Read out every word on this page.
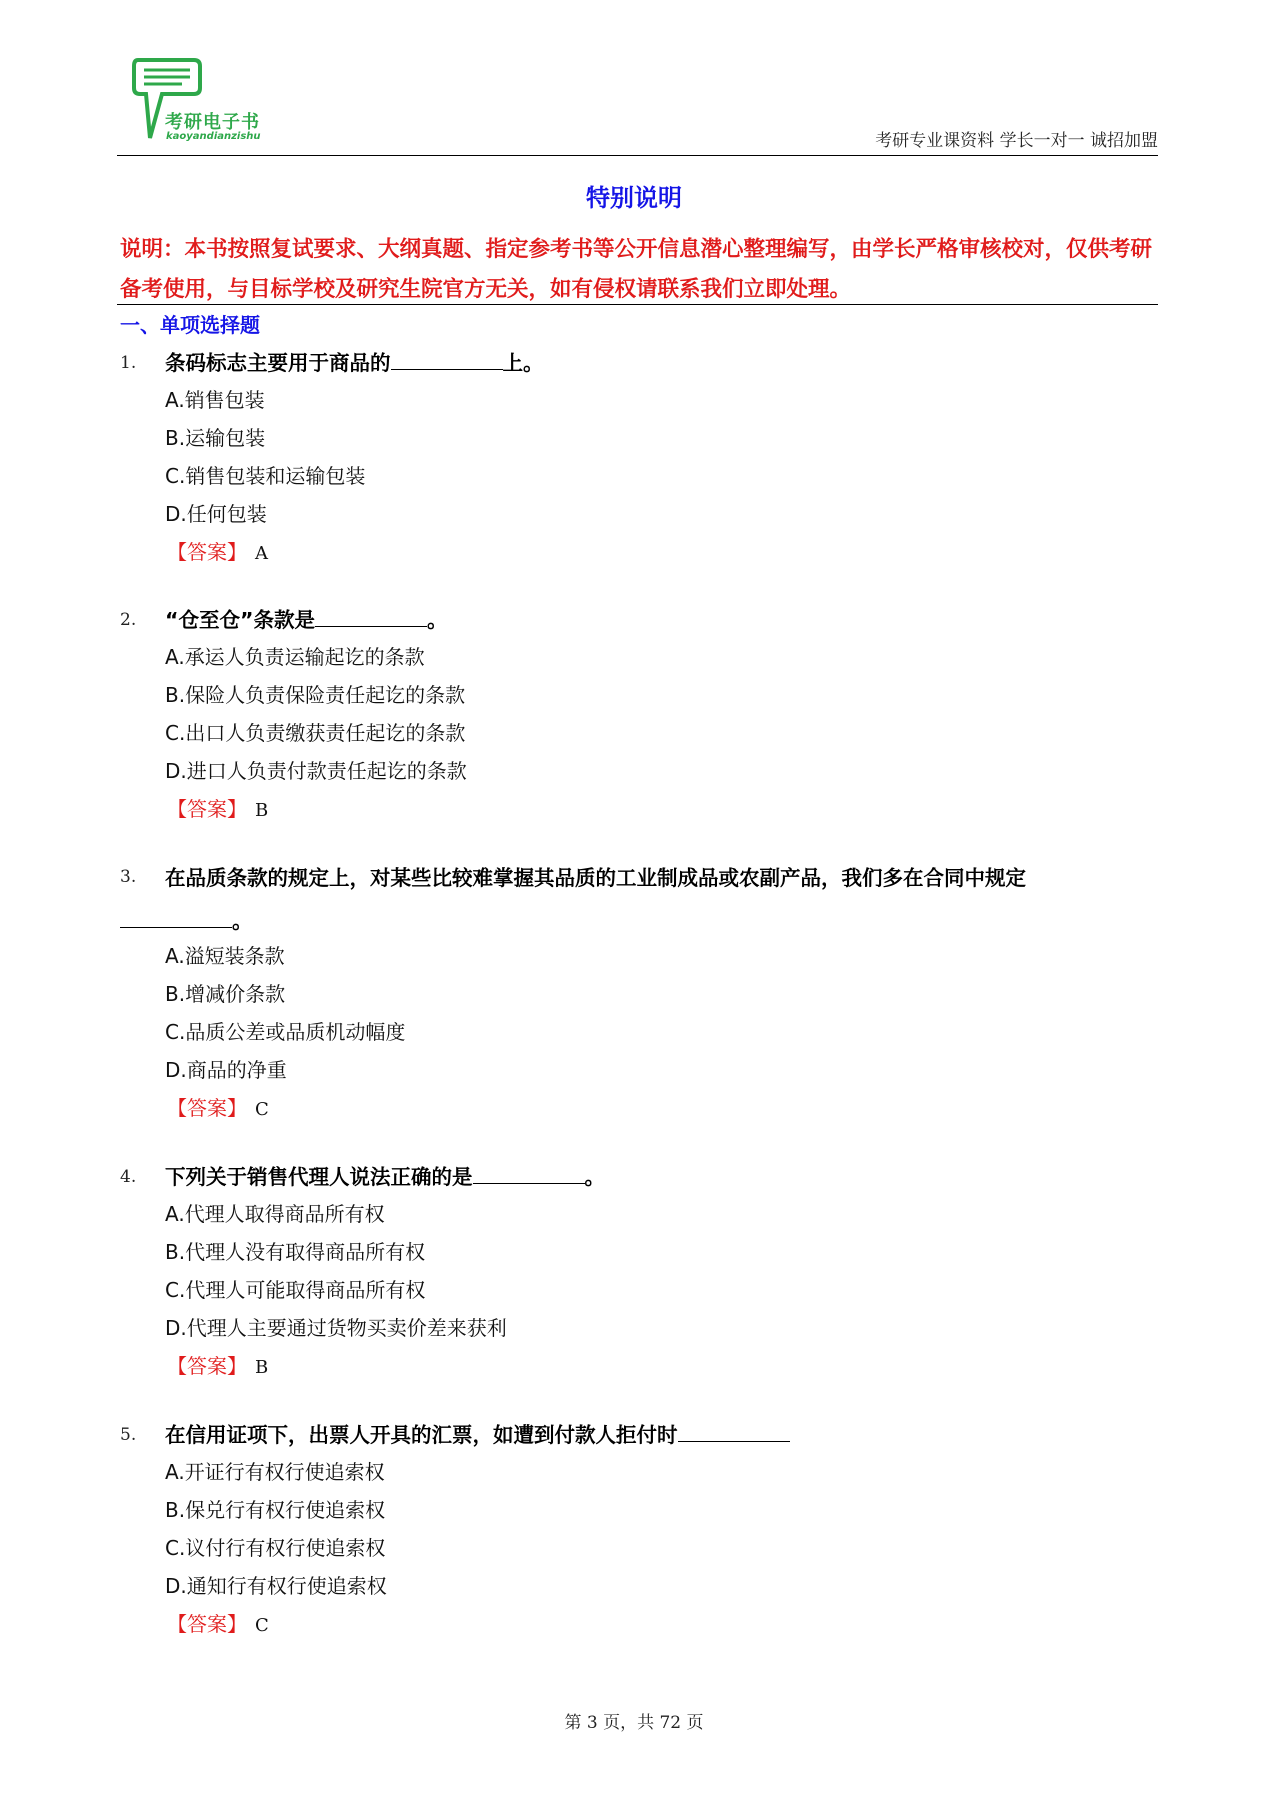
考研电子书
kaoyandianzishu	考研专业课资料 学长一对一 诚招加盟
特别说明
说明：本书按照复试要求、大纲真题、指定参考书等公开信息潜心整理编写，由学长严格审核校对，仅供考研备考使用，与目标学校及研究生院官方无关，如有侵权请联系我们立即处理。
一、单项选择题
1. 条码标志主要用于商品的	上。
A.销售包装
B.运输包装
C.销售包装和运输包装
D.任何包装
【答案】 A
2. “仓至仓”条款是	。
A.承运人负责运输起讫的条款
B.保险人负责保险责任起讫的条款
C.出口人负责缴获责任起讫的条款
D.进口人负责付款责任起讫的条款
【答案】 B
3. 在品质条款的规定上，对某些比较难掌握其品质的工业制成品或农副产品，我们多在合同中规定
。
A.溢短装条款
B.增减价条款
C.品质公差或品质机动幅度
D.商品的净重
【答案】 C
4. 下列关于销售代理人说法正确的是	。
A.代理人取得商品所有权
B.代理人没有取得商品所有权
C.代理人可能取得商品所有权
D.代理人主要通过货物买卖价差来获利
【答案】 B
5. 在信用证项下，出票人开具的汇票，如遭到付款人拒付时
A.开证行有权行使追索权
B.保兑行有权行使追索权
C.议付行有权行使追索权
D.通知行有权行使追索权
【答案】 C
第 3 页，共 72 页
